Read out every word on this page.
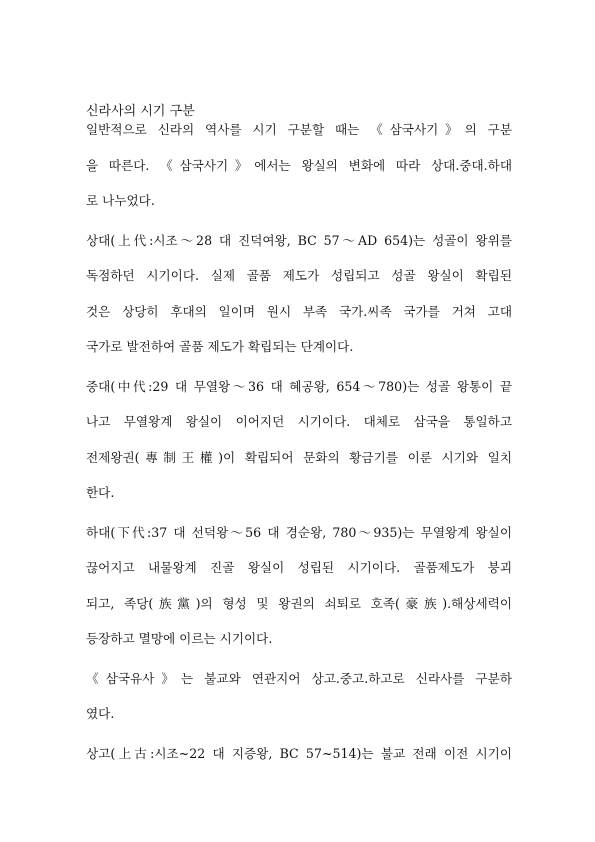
신라사의 시기 구분

일반적으로 신라의 역사를 시기 구분할 때는 《삼국사기》의 구분
을 따른다. 《삼국사기》에서는 왕실의 변화에 따라 상대.중대.하대
로 나누었다.

상대(上代:시조～28 대 진덕여왕, BC 57～AD 654)는 성골이 왕위를
독점하던 시기이다. 실제 골품 제도가 성립되고 성골 왕실이 확립된
것은 상당히 후대의 일이며 원시 부족 국가.씨족 국가를 거쳐 고대
국가로 발전하여 골품 제도가 확립되는 단계이다.

중대(中代:29 대 무열왕～36 대 혜공왕, 654～780)는 성골 왕통이 끝
나고 무열왕계 왕실이 이어지던 시기이다. 대체로 삼국을 통일하고
전제왕권(專制王權)이 확립되어 문화의 황금기를 이룬 시기와 일치
한다.

하대(下代:37 대 선덕왕～56 대 경순왕, 780～935)는 무열왕계 왕실이
끊어지고 내물왕계 진골 왕실이 성립된 시기이다. 골품제도가 붕괴
되고, 족당(族黨)의 형성 및 왕권의 쇠퇴로 호족(豪族).해상세력이
등장하고 멸망에 이르는 시기이다.

《삼국유사》는 불교와 연관지어 상고.중고.하고로 신라사를 구분하
였다.

상고(上古:시조~22 대 지증왕, BC 57~514)는 불교 전래 이전 시기이
